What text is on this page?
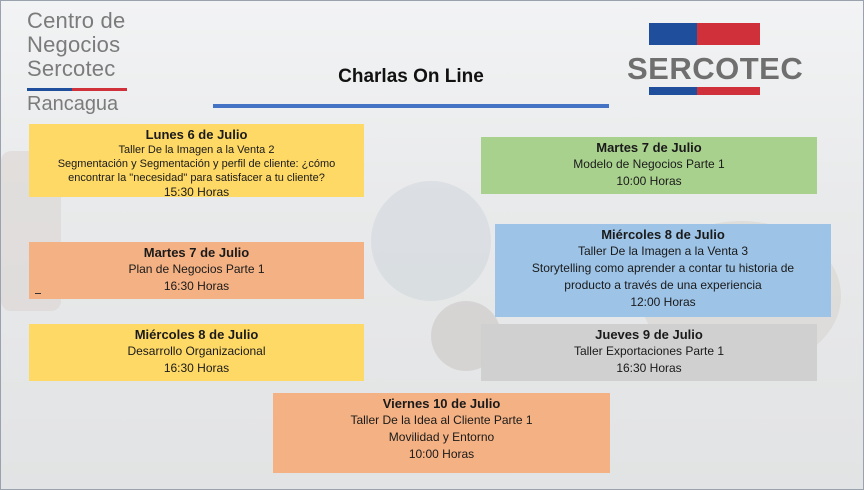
Centro de
Negocios
Sercotec
Rancagua
SERCOTEC
Charlas On Line
Lunes 6 de Julio
Taller De la Imagen a la Venta 2
Segmentación y Segmentación y perfil de cliente: ¿cómo
encontrar la "necesidad" para satisfacer a tu cliente?
15:30 Horas
Martes 7 de Julio
Modelo de Negocios Parte 1
10:00 Horas
Martes 7 de Julio
Plan de Negocios Parte 1
16:30 Horas
Miércoles 8 de Julio
Taller De la Imagen a la Venta 3
Storytelling como aprender a contar tu historia de
producto a través de una experiencia
12:00 Horas
Miércoles 8 de Julio
Desarrollo Organizacional
16:30 Horas
Jueves 9 de Julio
Taller Exportaciones Parte 1
16:30 Horas
Viernes 10 de Julio
Taller De la Idea al Cliente Parte 1
Movilidad y Entorno
10:00 Horas
